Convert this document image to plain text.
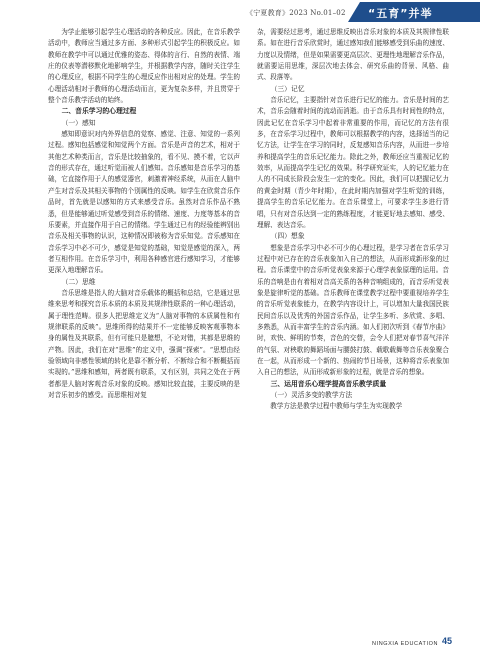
《宁夏教育》2023 No.01–02 “五育”并举

为学止能够引起学生心理活动的各种反应。因此，在音乐教学活动中，教师应当通过多方面、多种形式引起学生的积极反应。如教师在教学中可以通过优雅的姿态、得体的言行、自然的表情、端庄的仪表等潜移默化地影响学生，并根据教学内容，随时关注学生的心理反应，根据不同学生的心理反应作出相对应的处理。学生的心理活动相对于教师的心理活动而言，更为复杂多样，并且贯穿于整个音乐教学活动的始终。

二、音乐学习的心理过程
（一）感知

感知即意识对内外界信息的觉察、感觉、注意、知觉的一系列过程。感知包括感觉和知觉两个方面。音乐是声音的艺术，相对于其他艺术种类而言，音乐是比较抽象的，看不见、摸不着，它以声音的形式存在，通过听觉而被人们感知。音乐感知是音乐学习的基础，它直接作用于人的感觉器官，刺激着神经系统，从而在人脑中产生对音乐及其相关事物的个别属性的反映。如学生在欣赏音乐作品时，首先就是以感知的方式来感受音乐。虽然对音乐作品不熟悉，但是能够通过听觉感受到音乐的情绪、速度、力度等基本的音乐要素，并直接作用于自己的情绪。学生通过已有的经验能辨别出音乐及相关事物的认识，这种情况即被称为音乐知觉。音乐感知在音乐学习中必不可少，感觉是知觉的基础，知觉是感觉的深入，两者互相作用。在音乐学习中，利用各种感官进行感知学习，才能够更深入地理解音乐。

（二）思维

音乐思维是指人的大脑对音乐载体的概括和总结，它是通过思维来思考和探究音乐本质的本质及其规律性联系的一种心理活动，属于理性范畴。很多人把思维定义为“人脑对事物的本质属性和有规律联系的反映”。思维所得的结果并不一定能够反映客观事物本身的属性及其联系，但有可能只是臆想，不论对错，其都是思维的产物。因此，我们在对“思维”的定义中，强调“探索”。“思想由经验领域向非感性领域的转化是靠不断分析、不断综合和不断概括而实现的。”思维和感知，两者既有联系，又有区别，共同之处在于两者都是人脑对客观音乐对象的反映。感知比较直接，主要反映的是对音乐初步的感受。而思维相对复

杂，需要经过思考，通过思维反映出音乐对象的本质及其规律性联系。如在进行音乐欣赏时，通过感知我们能够感受到乐曲的速度、力度以及情绪，但是如果需要更高层次、更理性地理解音乐作品，就需要运用思维，深层次地去体会、研究乐曲的背景、风格、曲式、段落等。

（三）记忆

音乐记忆，主要指针对音乐进行记忆的能力。音乐是时间的艺术，音乐会随着时间的流动而消逝。由于音乐具有时间性的特点，因此记忆在音乐学习中起着非常重要的作用，而记忆的方法有很多，在音乐学习过程中，教师可以根据教学的内容，选择适当的记忆方法，让学生在学习的同时，反复感知音乐内容，从而进一步培养和提高学生的音乐记忆能力。除此之外，教师还应当重视记忆的效率，从而提高学生记忆的效果。科学研究证实，人的记忆能力在人的不同成长阶段会发生一定的变化。因此，我们可以把握记忆力的黄金时期（青少年时期），在此时期内加强对学生听觉的训练，提高学生的音乐记忆能力。在音乐课堂上，可要求学生多进行背唱，只有对音乐达到一定的熟练程度，才能更好地去感知、感受、理解、表达音乐。

（四）想象

想象是音乐学习中必不可少的心理过程，是学习者在音乐学习过程中对已存在的音乐表象加入自己的想法，从而形成新形象的过程。音乐课堂中的音乐听觉表象来源于心理学表象原理的运用。音乐的音响是由有着相对音高关系的各种音响组成的，而音乐听觉表象是旋律听觉的基础。音乐教师在课堂教学过程中要重视培养学生的音乐听觉表象能力，在教学内容设计上，可以增加大量我国民族民间音乐以及优秀的外国音乐作品，让学生多听、多欣赏、多唱、多熟悉，从而丰富学生的音乐内涵。如人们初次听到《春节序曲》时，欢快、鲜明的节奏，音色的交替，会令人们把对春节喜气洋洋的气氛、对秧歌的舞蹈场面与腰鼓打鼓、载歌载舞等音乐表象聚合在一起，从而形成一个新的、热闹的节日场景，这种将音乐表象加入自己的想法，从而形成新形象的过程，就是音乐的想象。

三、运用音乐心理学提高音乐教学质量
（一）灵活多变的教学方法

教学方法是教学过程中教师与学生为实现教学

NINGXIA EDUCATION 45
